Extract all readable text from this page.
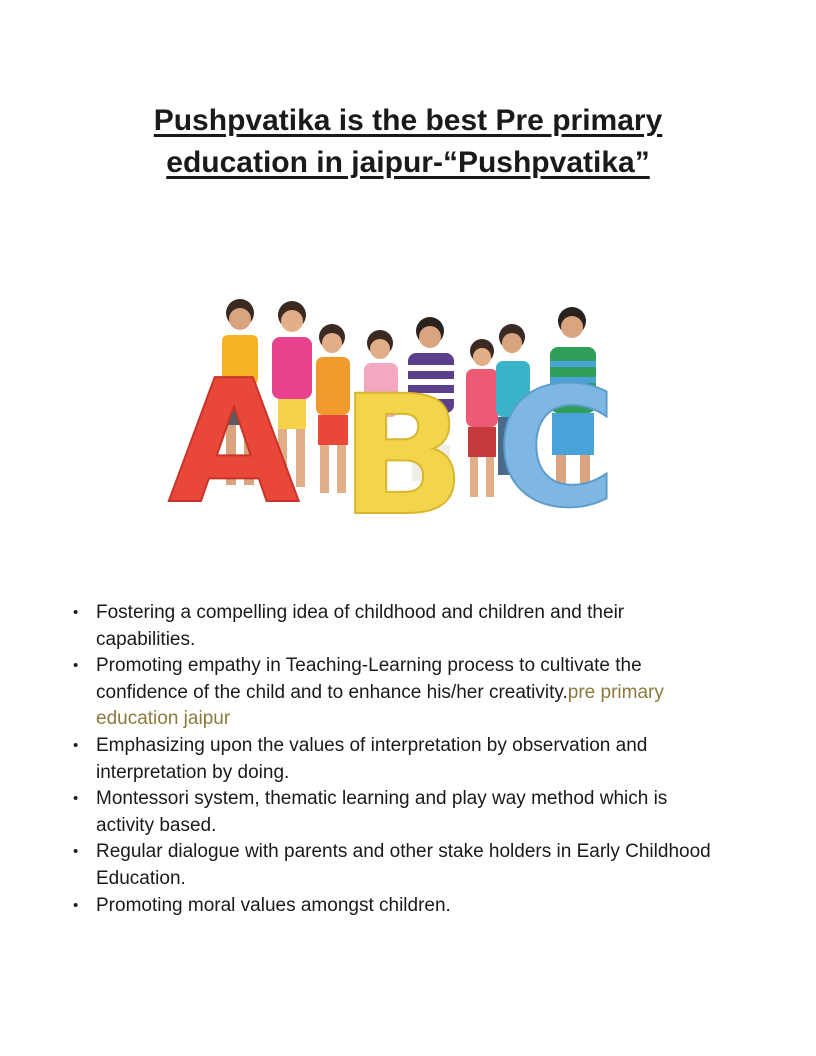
Pushpvatika is the best Pre primary
education in jaipur-“Pushpvatika”
A B C
• Fostering a compelling idea of childhood and children and their capabilities.
• Promoting empathy in Teaching-Learning process to cultivate the confidence of the child and to enhance his/her creativity.pre primary education jaipur
• Emphasizing upon the values of interpretation by observation and interpretation by doing.
• Montessori system, thematic learning and play way method which is activity based.
• Regular dialogue with parents and other stake holders in Early Childhood Education.
• Promoting moral values amongst children.
